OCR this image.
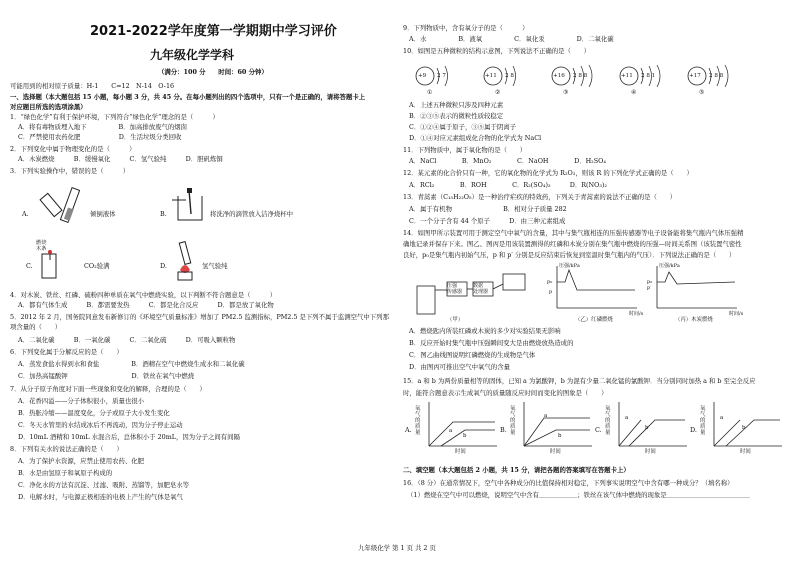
2021-2022学年度第一学期期中学习评价
九年级化学学科
（满分：100 分　　时间：60 分钟）
可能用到的相对原子质量：H-1　　C=12　N-14　O-16
一、选择题（本大题包括 15 小题，每小题 3 分，共 45 分。在每小题列出的四个选项中，只有一个是正确的，请将答题卡上
对应题目所选的选项涂黑）
1．“绿色化学”有利于保护环境，下列符合“绿色化学”理念的是（　　　）
A．将有毒物质埋入地下　　　　　B．加高排放废气的烟囱
C．严禁使用农药化肥　　　　　　D．生活垃圾分类回收
2．下列变化中属于物理变化的是（　　　）
A．木炭燃烧　　　B．缓慢氧化　　　C．氢气验纯　　　D．胆矾炼铜
3．下列实验操作中，错误的是（　　　）
A.	倾倒液体	B.	将洗净的滴管放入洁净烧杯中
C.
燃烧
木条
CO₂验满	D.	氢气验纯
4．对木炭、铁丝、红磷、硫粉四种单质在氧气中燃烧实验，以下判断不符合题意是（　　　）
A．都有气体生成　　　B．都需要发热　　　C．都是化合反应　　　D．都是放了氧化物
5．2012 年 2 月，国务院同意发布新修订的《环境空气质量标准》增加了 PM2.5 监测指标，PM2.5 是下列不属于监测空气中下列那
项含量的（　　）
A．二氧化碳　　　B．一氧化碳　　　C．二氧化硫　　　D．可吸入颗粒物
6．下列变化属于分解反应的是（　　）
A．蒸发食盐水得到水和食盐　　　　　B．酒精在空气中燃烧生成水和二氧化碳
C．加热高锰酸钾　　　　　　　　　　D．铁丝在氧气中燃烧
7．从分子原子角度对下面一些现象和变化的解释，合理的是（　　）
A．花香四溢——分子体积很小，质量也很小
B．热胀冷缩——温度变化，分子或原子大小发生变化
C．冬天水管里的水结成冰后不再流动，因为分子停止运动
D．10mL 酒精和 10mL 水混合后，总体积小于 20mL，因为分子之间有间隔
8．下列有关水的说法正确的是（　　）
A．为了保护水资源，应禁止使用农药、化肥
B．水是由氢原子和氧原子构成的
C．净化水的方法有沉淀、过滤、吸附、蒸馏等，加肥皂水等
D．电解水时，与电源正极相连的电极上产生的气体是氧气
9．下列物质中，含有氧分子的是（　　　）
A．水　　　　　B．液氧　　　　　C．氧化汞　　　　　D．二氧化碳
10．如图是五种微粒的结构示意图，下列说法不正确的是（　　）
+9 2 7
①
+11 2 8
②
+16 2 8 8
③
+11 2 8 1
④
+17 2 8 8
⑤
A．上述五种微粒只涉及四种元素
B．②③⑤表示的微粒性质较稳定
C．①②④属于原子，③⑤属于阴离子
D．①④对应元素组成化合物的化学式为 NaCl
11．下列物质中，属于氧化物的是（　　）
A．NaCl　　　　B．MnO₂　　　　C．NaOH　　　　D．H₂SO₄
12．某元素的化合价只有一种，它的氧化物的化学式为 R₂O₃，则该 R 的下列化学式正确的是（　　）
A．RCl₂　　　　B．ROH　　　　C．R₂(SO₄)₃　　　D．R(NO₃)₂
13．青蒿素（C₁₅H₂₂O₅）是一种治疗疟疾的特效药，下列关于青蒿素的说法不正确的是（　　）
A．属于有机物　　　　　　　　B．相对分子质量 282
C．一个分子含有 44 个原子　　　D．由三种元素组成
14．如图甲所示装置可用于测定空气中氧气的含量，其中与集气瓶相连的压强传感器等电子设备能将集气瓶内气体压强精
确地记录并保存下来。图乙、图丙是用该装置测得的红磷和木炭分别在集气瓶中燃烧的压强—时间关系图（该装置气密性
良好，p₀是集气瓶内初始气压，p 和 p′ 分别是反应结束后恢复到室温时集气瓶内的气压）．下列说法正确的是（　　）
压强
传感器
数据
处理器
压强/kPa	压强/kPa
p₀
p
p₀
p′
时间/s	时间/s
（甲）	（乙）红磷燃烧	（丙）木炭燃烧
A．燃烧匙内所装红磷或木炭的多少对实验结果无影响
B．反应开始时集气瓶中压强瞬间变大是由燃烧放热造成的
C．图乙曲线图说明红磷燃烧的生成物是气体
D．由图丙可推出空气中氧气的含量
15．a 和 b 为两份质量相等的固体，已知 a 为氯酸钾，b 为混有少量二氧化锰的氯酸钾．当分别同时加热 a 和 b 至完全反应
时，能符合题意表示生成氧气的质量随反应时间而变化的图象是（　　）
A.
氧气的质量	a
b
时间
B.
氧气的质量
a
b
时间
C.
氧气的质量
a
b
时间
D.
氧气的质量
a
b
时间
二、填空题（本大题包括 2 小题，共 15 分，请把各题的答案填写在答题卡上）
16．（8 分）在通常情况下，空气中各种成分的比值保持相对稳定，下列事实说明空气中含有哪一种成分？（填名称）
（1）燃烧在空气中可以燃烧，说明空气中含有＿＿＿＿＿＿；铁丝在该气体中燃烧的现象是＿＿＿＿＿＿＿＿＿＿＿＿＿
九年级化学 第 1 页 共 2 页
